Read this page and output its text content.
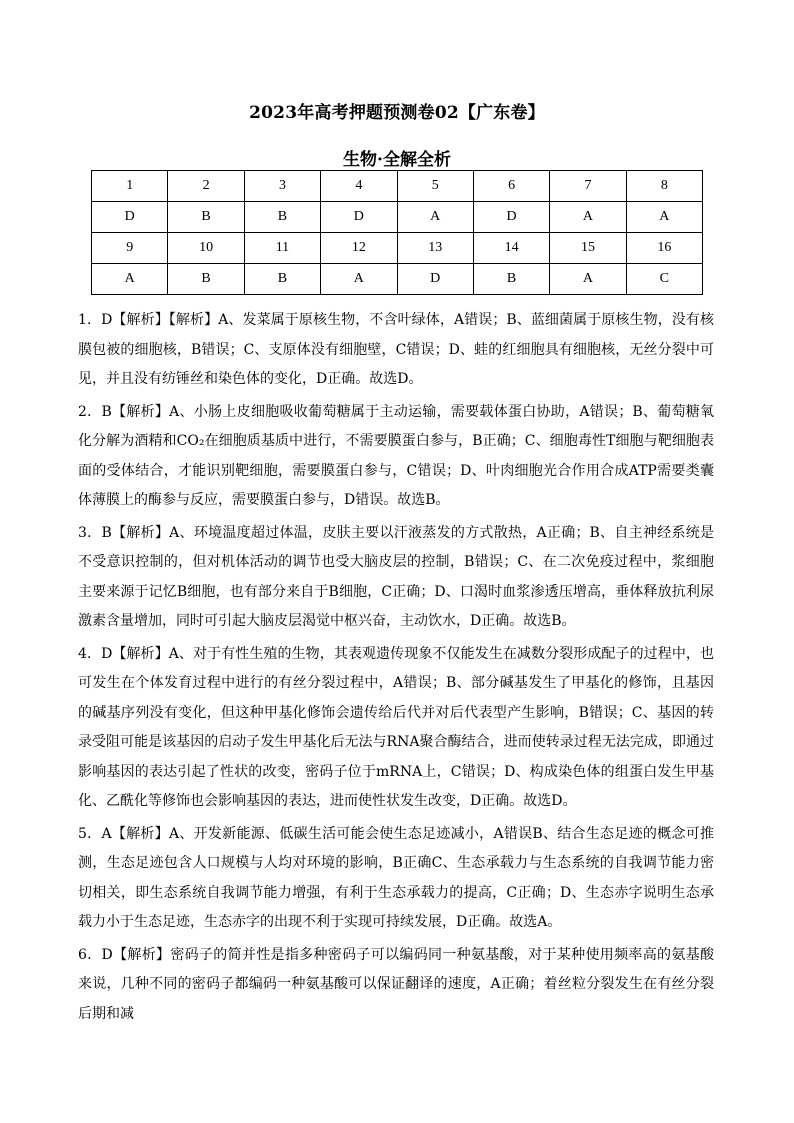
2023年高考押题预测卷02【广东卷】
生物·全解全析
1	2	3	4	5	6	7	8
D	B	B	D	A	D	A	A
9	10	11	12	13	14	15	16
A	B	B	A	D	B	A	C

1．D【解析】【解析】A、发菜属于原核生物，不含叶绿体，A错误；B、蓝细菌属于原核生物，没有核膜包被的细胞核，B错误；C、支原体没有细胞壁，C错误；D、蛙的红细胞具有细胞核，无丝分裂中可见，并且没有纺锤丝和染色体的变化，D正确。故选D。

2．B【解析】A、小肠上皮细胞吸收葡萄糖属于主动运输，需要载体蛋白协助，A错误；B、葡萄糖氧化分解为酒精和CO₂在细胞质基质中进行，不需要膜蛋白参与，B正确；C、细胞毒性T细胞与靶细胞表面的受体结合，才能识别靶细胞，需要膜蛋白参与，C错误；D、叶肉细胞光合作用合成ATP需要类囊体薄膜上的酶参与反应，需要膜蛋白参与，D错误。故选B。

3．B【解析】A、环境温度超过体温，皮肤主要以汗液蒸发的方式散热，A正确；B、自主神经系统是不受意识控制的，但对机体活动的调节也受大脑皮层的控制，B错误；C、在二次免疫过程中，浆细胞主要来源于记忆B细胞，也有部分来自于B细胞，C正确；D、口渴时血浆渗透压增高，垂体释放抗利尿激素含量增加，同时可引起大脑皮层渴觉中枢兴奋，主动饮水，D正确。故选B。

4．D【解析】A、对于有性生殖的生物，其表观遗传现象不仅能发生在减数分裂形成配子的过程中，也可发生在个体发育过程中进行的有丝分裂过程中，A错误；B、部分碱基发生了甲基化的修饰，且基因的碱基序列没有变化，但这种甲基化修饰会遗传给后代并对后代表型产生影响，B错误；C、基因的转录受阻可能是该基因的启动子发生甲基化后无法与RNA聚合酶结合，进而使转录过程无法完成，即通过影响基因的表达引起了性状的改变，密码子位于mRNA上，C错误；D、构成染色体的组蛋白发生甲基化、乙酰化等修饰也会影响基因的表达，进而使性状发生改变，D正确。故选D。

5．A【解析】A、开发新能源、低碳生活可能会使生态足迹减小，A错误B、结合生态足迹的概念可推测，生态足迹包含人口规模与人均对环境的影响，B正确C、生态承载力与生态系统的自我调节能力密切相关，即生态系统自我调节能力增强，有利于生态承载力的提高，C正确；D、生态赤字说明生态承载力小于生态足迹，生态赤字的出现不利于实现可持续发展，D正确。故选A。

6．D【解析】密码子的简并性是指多种密码子可以编码同一种氨基酸，对于某种使用频率高的氨基酸来说，几种不同的密码子都编码一种氨基酸可以保证翻译的速度，A正确；着丝粒分裂发生在有丝分裂后期和减
